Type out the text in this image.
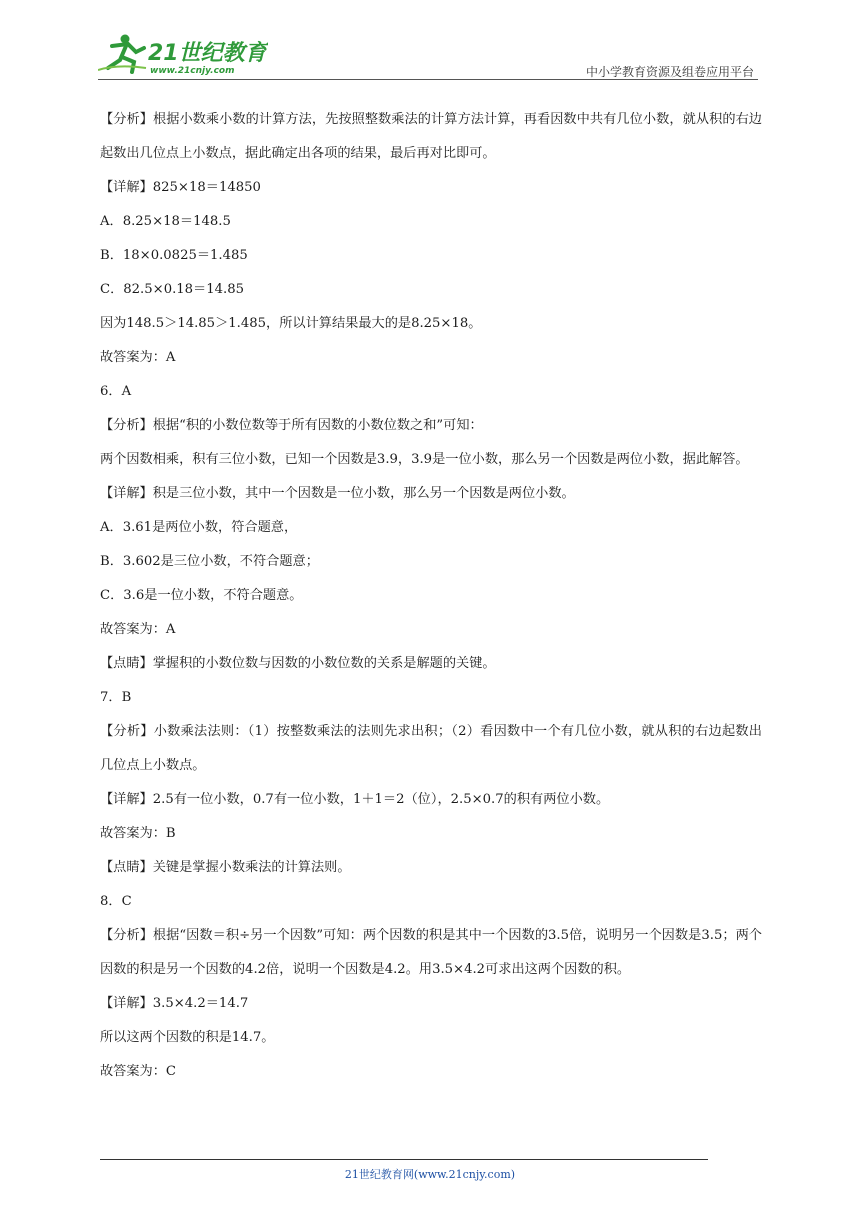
21世纪教育
www.21cnjy.com	中小学教育资源及组卷应用平台

【分析】根据小数乘小数的计算方法，先按照整数乘法的计算方法计算，再看因数中共有几位小数，就从积的右边起数出几位点上小数点，据此确定出各项的结果，最后再对比即可。

【详解】825×18＝14850

A．8.25×18＝148.5

B．18×0.0825＝1.485

C．82.5×0.18＝14.85

因为148.5＞14.85＞1.485，所以计算结果最大的是8.25×18。

故答案为：A

6．A

【分析】根据“积的小数位数等于所有因数的小数位数之和”可知：

两个因数相乘，积有三位小数，已知一个因数是3.9，3.9是一位小数，那么另一个因数是两位小数，据此解答。

【详解】积是三位小数，其中一个因数是一位小数，那么另一个因数是两位小数。

A．3.61是两位小数，符合题意，

B．3.602是三位小数，不符合题意；

C．3.6是一位小数，不符合题意。

故答案为：A

【点睛】掌握积的小数位数与因数的小数位数的关系是解题的关键。

7．B

【分析】小数乘法法则：（1）按整数乘法的法则先求出积；（2）看因数中一个有几位小数，就从积的右边起数出几位点上小数点。

【详解】2.5有一位小数，0.7有一位小数，1＋1＝2（位），2.5×0.7的积有两位小数。

故答案为：B

【点睛】关键是掌握小数乘法的计算法则。

8．C

【分析】根据“因数＝积÷另一个因数”可知：两个因数的积是其中一个因数的3.5倍，说明另一个因数是3.5；两个因数的积是另一个因数的4.2倍，说明一个因数是4.2。用3.5×4.2可求出这两个因数的积。

【详解】3.5×4.2＝14.7

所以这两个因数的积是14.7。

故答案为：C

21世纪教育网(www.21cnjy.com)
